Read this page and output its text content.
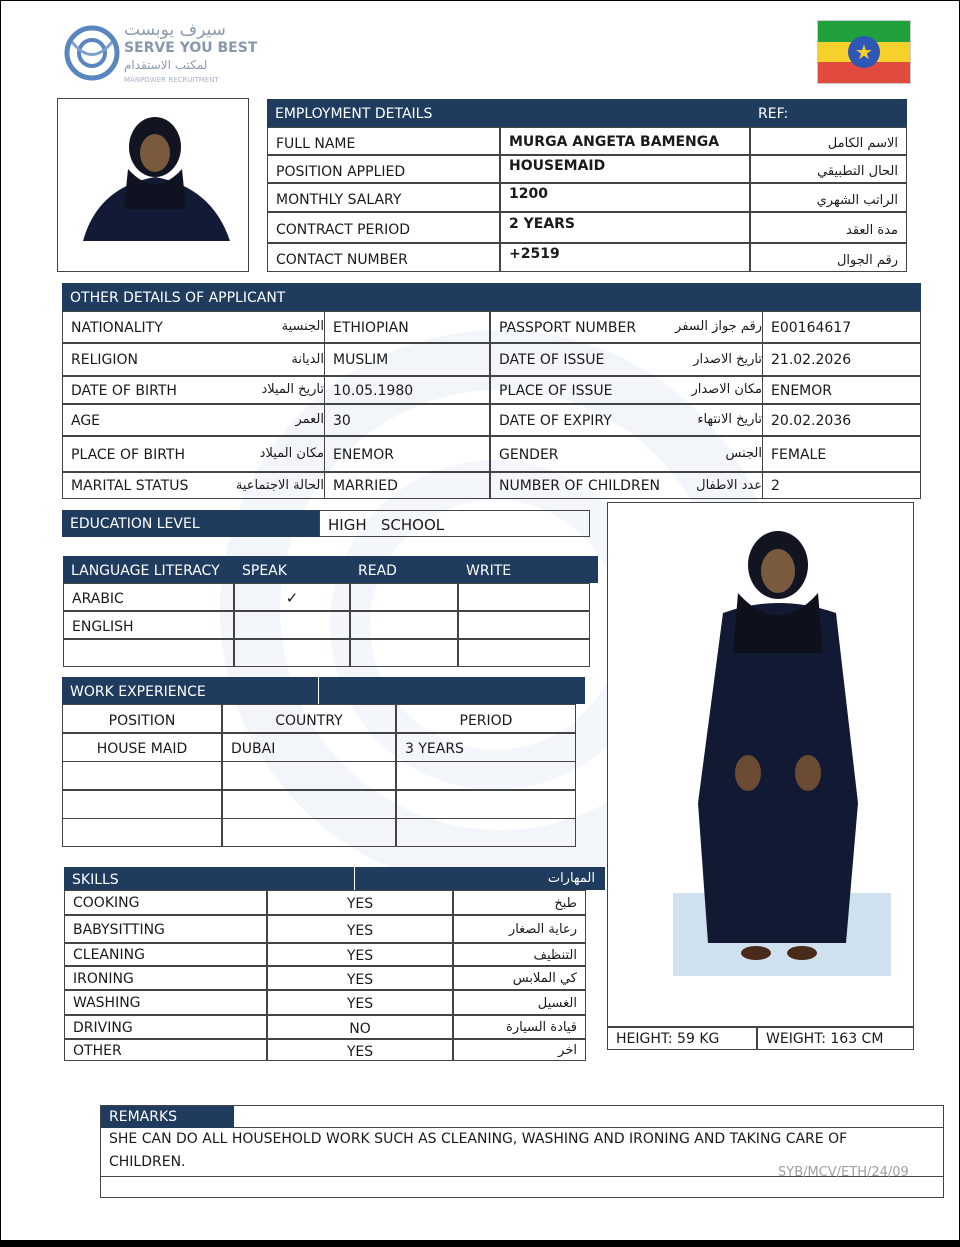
سيرف يوبست
SERVE YOU BEST
لمكتب الاستقدام
MANPOWER RECRUITMENT
★
EMPLOYMENT DETAILS	REF:
FULL NAME	MURGA ANGETA BAMENGA	الاسم الكامل
POSITION APPLIED	HOUSEMAID	الحال التطبيقي
MONTHLY SALARY	1200	الراتب الشهري
CONTRACT PERIOD	2 YEARS	مدة العقد
CONTACT NUMBER	+2519	رقم الجوال
OTHER DETAILS OF APPLICANT
NATIONALITY	الجنسية ETHIOPIAN
RELIGION	الديانة MUSLIM
DATE OF BIRTH	تاريخ الميلاد 10.05.1980
AGE	العمر 30
PLACE OF BIRTH	مكان الميلاد ENEMOR
MARITAL STATUS	الحالة الاجتماعية MARRIED
PASSPORT NUMBER	رقم جواز السفر E00164617
DATE OF ISSUE	تاريخ الاصدار 21.02.2026
PLACE OF ISSUE	مكان الاصدار ENEMOR
DATE OF EXPIRY	تاريخ الانتهاء 20.02.2036
GENDER	الجنس FEMALE
NUMBER OF CHILDREN	عدد الاطفال 2
EDUCATION LEVEL	HIGH   SCHOOL
LANGUAGE LITERACY	SPEAK	READ	WRITE
ARABIC	✓
ENGLISH
WORK EXPERIENCE
POSITION	COUNTRY	PERIOD
HOUSE MAID	DUBAI	3 YEARS
SKILLS	المهارات
COOKING	YES	طبخ
BABYSITTING	YES	رعاية الصغار
CLEANING	YES	التنظيف
IRONING	YES	كي الملابس
WASHING	YES	الغسيل
DRIVING	NO	قيادة السيارة
OTHER	YES	اخر
HEIGHT: 59 KG	WEIGHT: 163 CM
REMARKS
SHE CAN DO ALL HOUSEHOLD WORK SUCH AS CLEANING, WASHING AND IRONING AND TAKING CARE OF
CHILDREN.
SYB/MCV/ETH/24/09
